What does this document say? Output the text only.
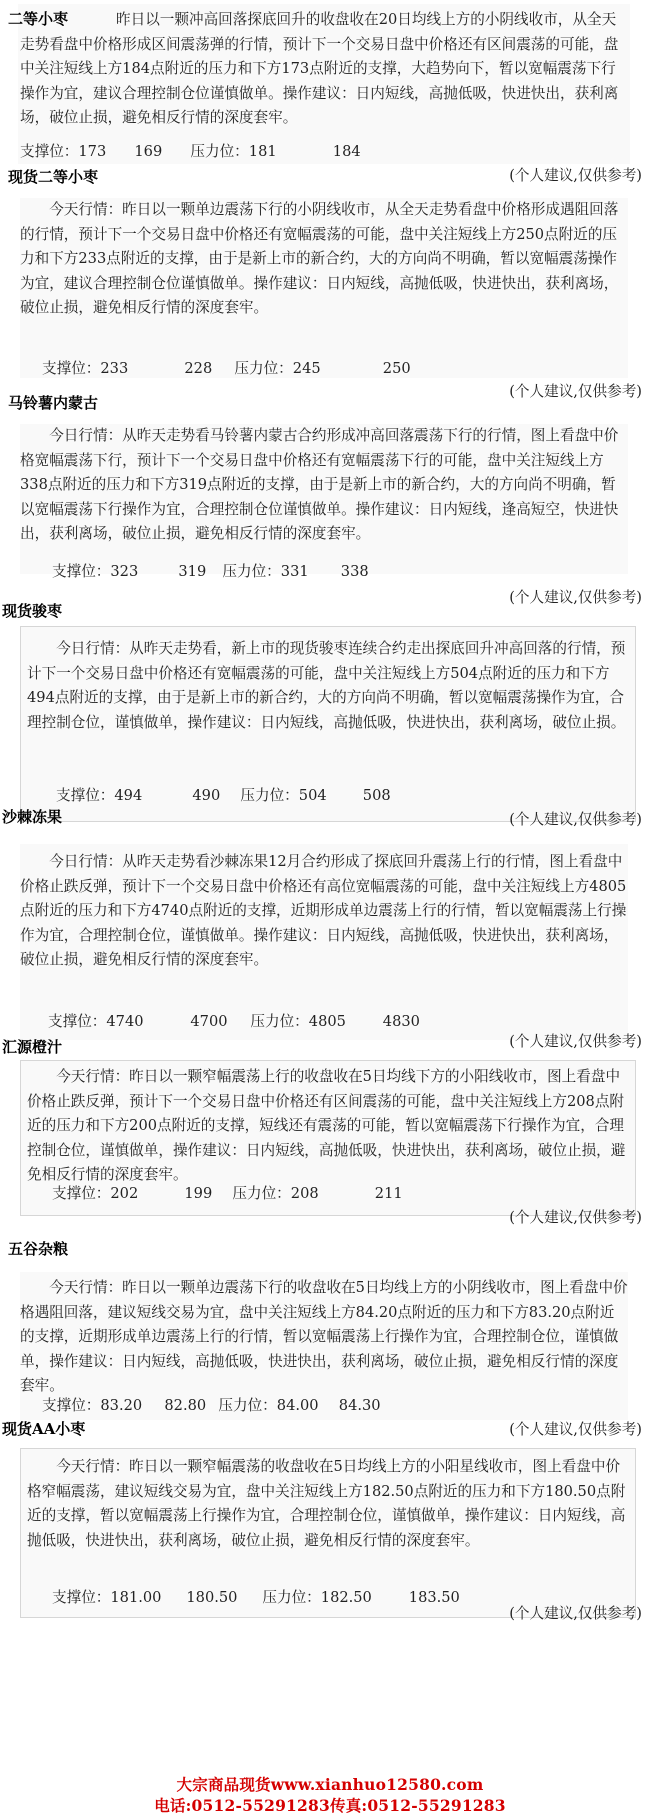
二等小枣	昨日以一颗冲高回落探底回升的收盘收在20日均线上方的小阴线收市，从全天走势看盘中价格形成区间震荡弹的行情，预计下一个交易日盘中价格还有区间震荡的可能，盘中关注短线上方184点附近的压力和下方173点附近的支撑，大趋势向下，暂以宽幅震荡下行操作为宜，建议合理控制仓位谨慎做单。操作建议：日内短线，高抛低吸，快进快出，获利离场，破位止损，避免相反行情的深度套牢。

支撑位：173 169 压力位：181	184
(个人建议,仅供参考)
现货二等小枣

今天行情：昨日以一颗单边震荡下行的小阴线收市，从全天走势看盘中价格形成遇阻回落的行情，预计下一个交易日盘中价格还有宽幅震荡的可能，盘中关注短线上方250点附近的压力和下方233点附近的支撑，由于是新上市的新合约，大的方向尚不明确，暂以宽幅震荡操作为宜，建议合理控制仓位谨慎做单。操作建议：日内短线，高抛低吸，快进快出，获利离场，破位止损，避免相反行情的深度套牢。

支撑位：233	228 压力位：245	250
(个人建议,仅供参考)
马铃薯内蒙古

今日行情：从昨天走势看马铃薯内蒙古合约形成冲高回落震荡下行的行情，图上看盘中价格宽幅震荡下行，预计下一个交易日盘中价格还有宽幅震荡下行的可能，盘中关注短线上方338点附近的压力和下方319点附近的支撑，由于是新上市的新合约，大的方向尚不明确，暂以宽幅震荡下行操作为宜，合理控制仓位谨慎做单。操作建议：日内短线，逢高短空，快进快出，获利离场，破位止损，避免相反行情的深度套牢。

支撑位：323	319 压力位：331 338
(个人建议,仅供参考)
现货骏枣

今日行情：从昨天走势看，新上市的现货骏枣连续合约走出探底回升冲高回落的行情，预计下一个交易日盘中价格还有宽幅震荡的可能，盘中关注短线上方504点附近的压力和下方494点附近的支撑，由于是新上市的新合约，大的方向尚不明确，暂以宽幅震荡操作为宜，合理控制仓位，谨慎做单，操作建议：日内短线，高抛低吸，快进快出，获利离场，破位止损。

支撑位：494	490 压力位：504 508
沙棘冻果	(个人建议,仅供参考)

今日行情：从昨天走势看沙棘冻果12月合约形成了探底回升震荡上行的行情，图上看盘中价格止跌反弹，预计下一个交易日盘中价格还有高位宽幅震荡的可能，盘中关注短线上方4805点附近的压力和下方4740点附近的支撑，近期形成单边震荡上行的行情，暂以宽幅震荡上行操作为宜，合理控制仓位，谨慎做单。操作建议：日内短线，高抛低吸，快进快出，获利离场，破位止损，避免相反行情的深度套牢。

支撑位：4740	4700 压力位：4805	4830
(个人建议,仅供参考)
汇源橙汁

今天行情：昨日以一颗窄幅震荡上行的收盘收在5日均线下方的小阳线收市，图上看盘中价格止跌反弹，预计下一个交易日盘中价格还有区间震荡的可能，盘中关注短线上方208点附近的压力和下方200点附近的支撑，短线还有震荡的可能，暂以宽幅震荡下行操作为宜，合理控制仓位，谨慎做单，操作建议：日内短线，高抛低吸，快进快出，获利离场，破位止损，避免相反行情的深度套牢。

支撑位：202	199 压力位：208	211
(个人建议,仅供参考)
五谷杂粮

今天行情：昨日以一颗单边震荡下行的收盘收在5日均线上方的小阴线收市，图上看盘中价格遇阻回落，建议短线交易为宜，盘中关注短线上方84.20点附近的压力和下方83.20点附近的支撑，近期形成单边震荡上行的行情，暂以宽幅震荡上行操作为宜，合理控制仓位，谨慎做单，操作建议：日内短线，高抛低吸，快进快出，获利离场，破位止损，避免相反行情的深度套牢。

支撑位：83.20 82.80 压力位：84.00 84.30
现货AA小枣	(个人建议,仅供参考)

今天行情：昨日以一颗窄幅震荡的收盘收在5日均线上方的小阳星线收市，图上看盘中价格窄幅震荡，建议短线交易为宜，盘中关注短线上方182.50点附近的压力和下方180.50点附近的支撑，暂以宽幅震荡上行操作为宜，合理控制仓位，谨慎做单，操作建议：日内短线，高抛低吸，快进快出，获利离场，破位止损，避免相反行情的深度套牢。

支撑位：181.00 180.50 压力位：182.50	183.50
(个人建议,仅供参考)
大宗商品现货www.xianhuo12580.com
电话:0512-55291283传真:0512-55291283
